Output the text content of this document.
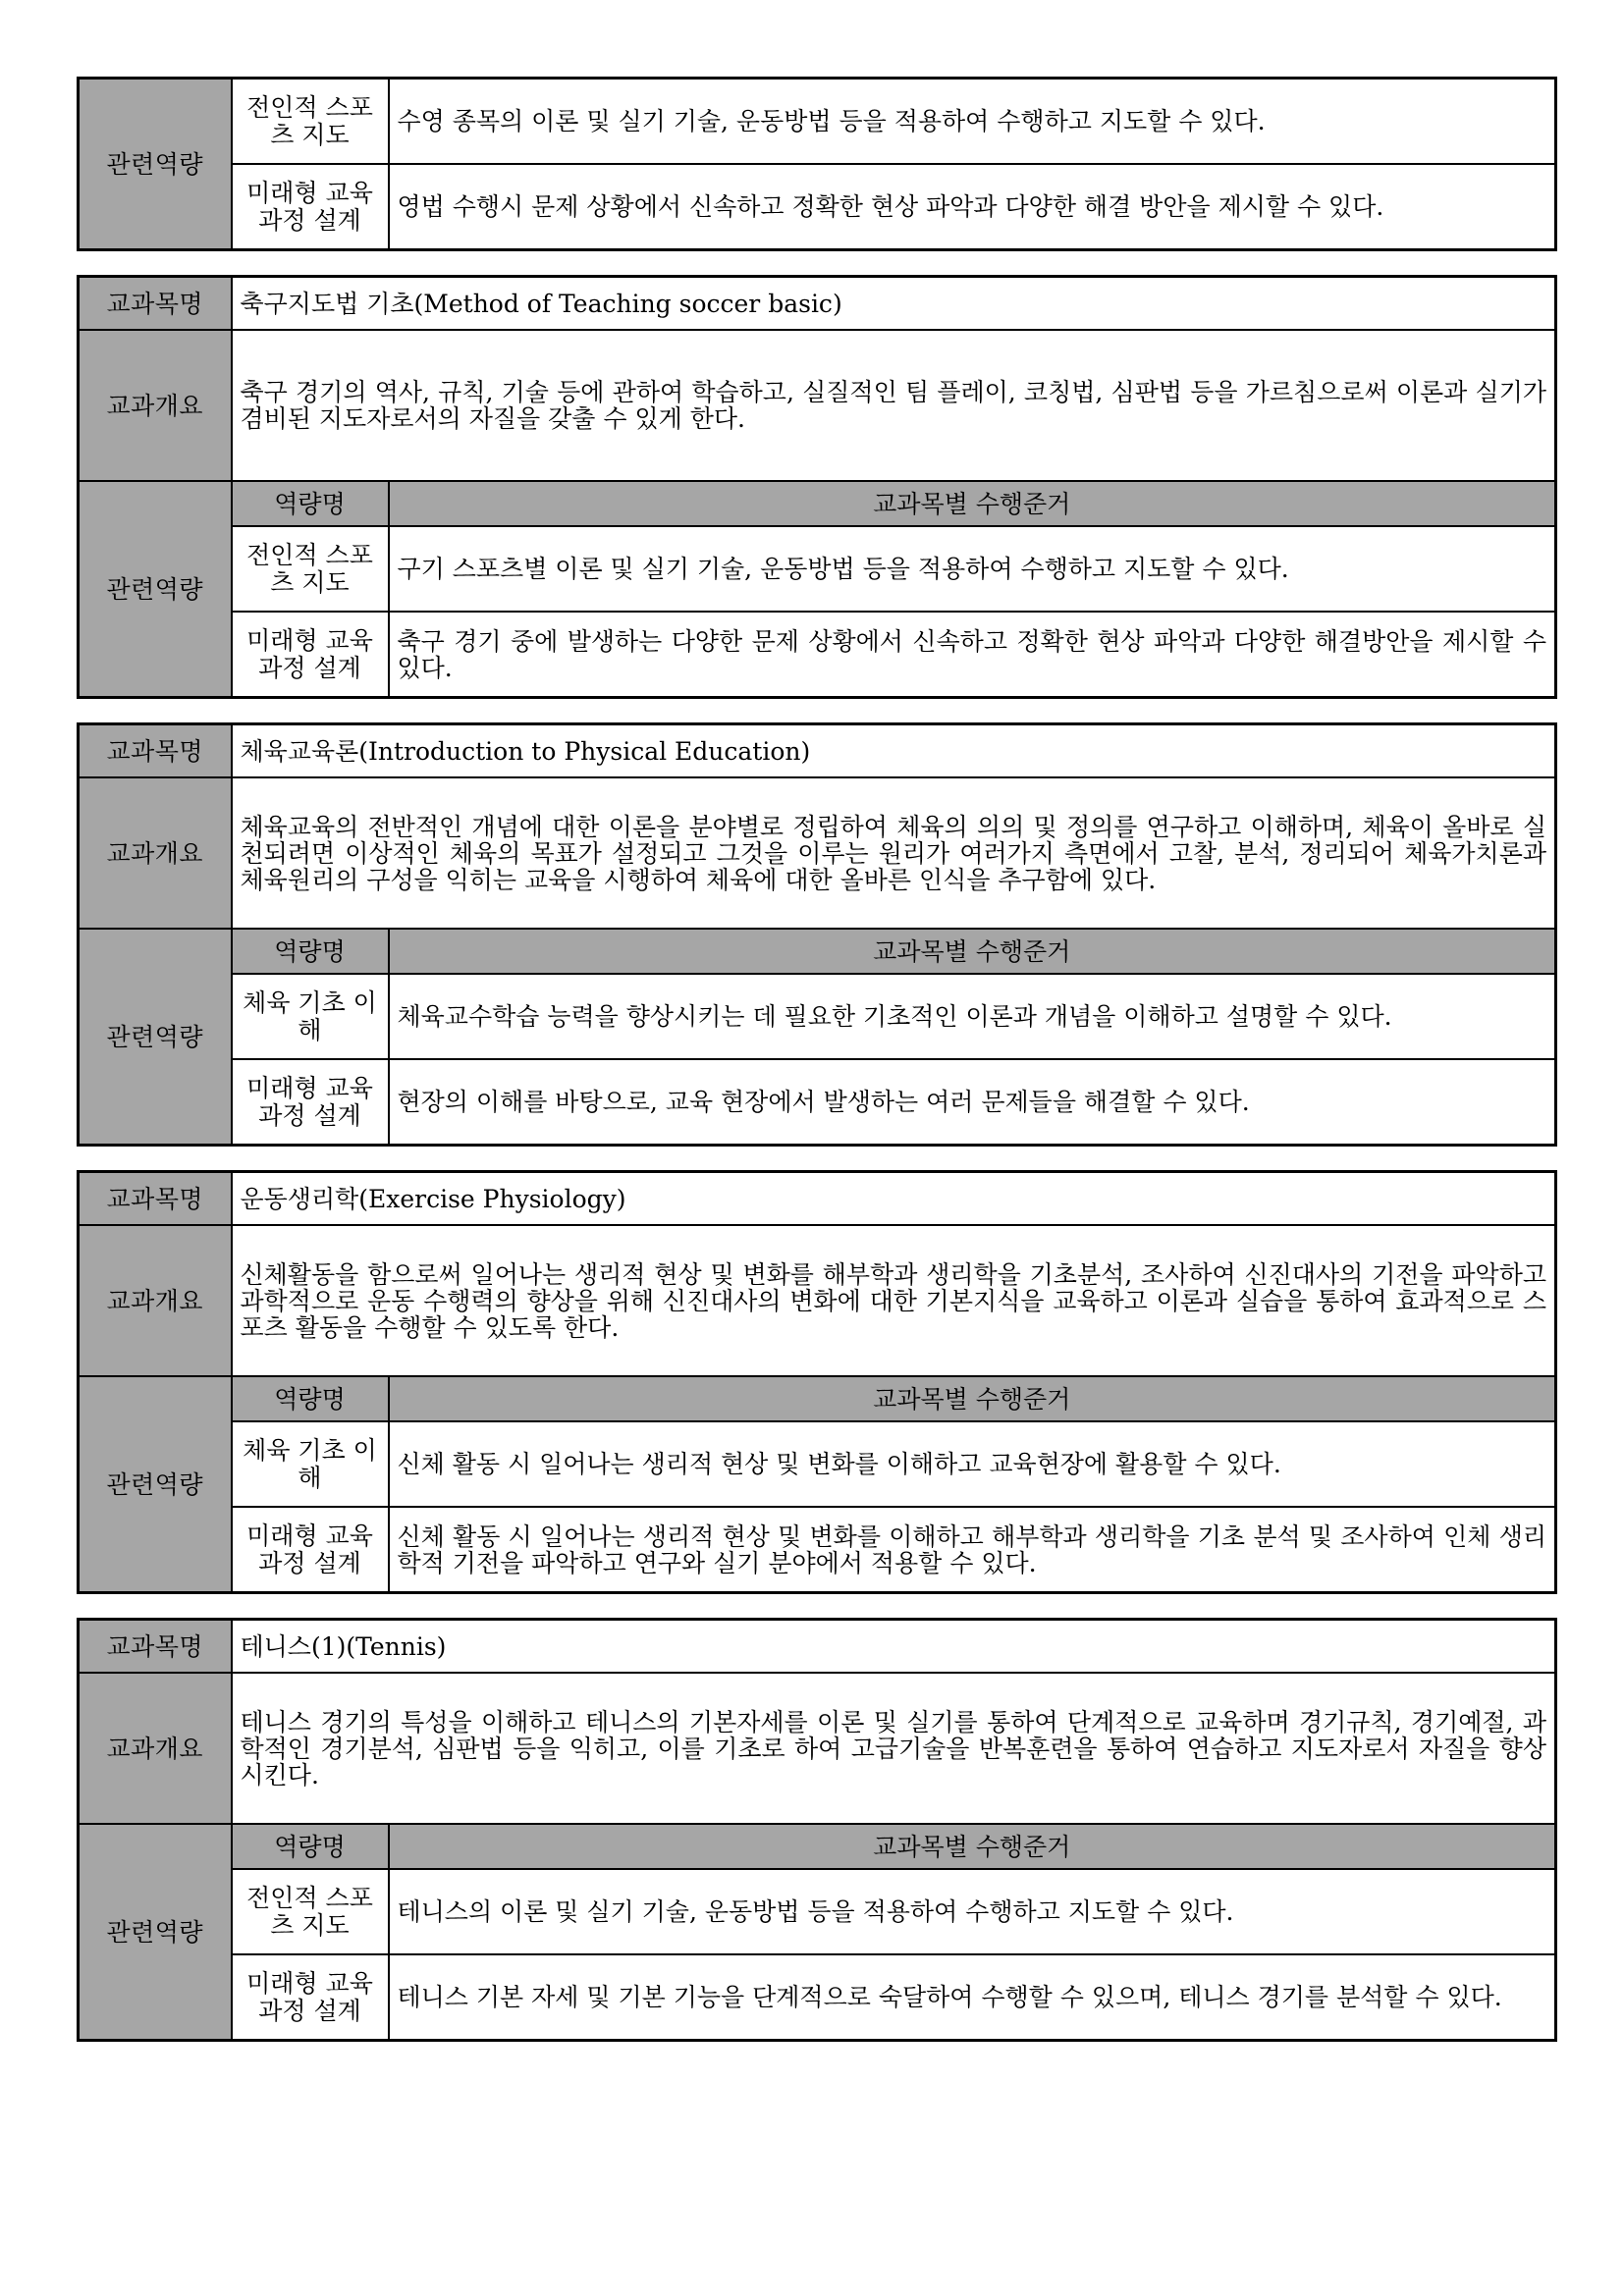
관련역량	전인적 스포츠 지도	수영 종목의 이론 및 실기 기술, 운동방법 등을 적용하여 수행하고 지도할 수 있다.
	미래형 교육과정 설계	영법 수행시 문제 상황에서 신속하고 정확한 현상 파악과 다양한 해결 방안을 제시할 수 있다.
교과목명	축구지도법 기초(Method of Teaching soccer basic)	
교과개요	축구 경기의 역사, 규칙, 기술 등에 관하여 학습하고, 실질적인 팀 플레이, 코칭법, 심판법 등을 가르침으로써 이론과 실기가 겸비된 지도자로서의 자질을 갖출 수 있게 한다.	
관련역량	역량명	교과목별 수행준거
	전인적 스포츠 지도	구기 스포츠별 이론 및 실기 기술, 운동방법 등을 적용하여 수행하고 지도할 수 있다.
	미래형 교육과정 설계	축구 경기 중에 발생하는 다양한 문제 상황에서 신속하고 정확한 현상 파악과 다양한 해결방안을 제시할 수 있다.
교과목명	체육교육론(Introduction to Physical Education)	
교과개요	체육교육의 전반적인 개념에 대한 이론을 분야별로 정립하여 체육의 의의 및 정의를 연구하고 이해하며, 체육이 올바로 실천되려면 이상적인 체육의 목표가 설정되고 그것을 이루는 원리가 여러가지 측면에서 고찰, 분석, 정리되어 체육가치론과 체육원리의 구성을 익히는 교육을 시행하여 체육에 대한 올바른 인식을 추구함에 있다.	
관련역량	역량명	교과목별 수행준거
	체육 기초 이해	체육교수학습 능력을 향상시키는 데 필요한 기초적인 이론과 개념을 이해하고 설명할 수 있다.
	미래형 교육과정 설계	현장의 이해를 바탕으로, 교육 현장에서 발생하는 여러 문제들을 해결할 수 있다.
교과목명	운동생리학(Exercise Physiology)	
교과개요	신체활동을 함으로써 일어나는 생리적 현상 및 변화를 해부학과 생리학을 기초분석, 조사하여 신진대사의 기전을 파악하고 과학적으로 운동 수행력의 향상을 위해 신진대사의 변화에 대한 기본지식을 교육하고 이론과 실습을 통하여 효과적으로 스포츠 활동을 수행할 수 있도록 한다.	
관련역량	역량명	교과목별 수행준거
	체육 기초 이해	신체 활동 시 일어나는 생리적 현상 및 변화를 이해하고 교육현장에 활용할 수 있다.
	미래형 교육과정 설계	신체 활동 시 일어나는 생리적 현상 및 변화를 이해하고 해부학과 생리학을 기초 분석 및 조사하여 인체 생리학적 기전을 파악하고 연구와 실기 분야에서 적용할 수 있다.
교과목명	테니스(1)(Tennis)	
교과개요	테니스 경기의 특성을 이해하고 테니스의 기본자세를 이론 및 실기를 통하여 단계적으로 교육하며 경기규칙, 경기예절, 과학적인 경기분석, 심판법 등을 익히고, 이를 기초로 하여 고급기술을 반복훈련을 통하여 연습하고 지도자로서 자질을 향상시킨다.	
관련역량	역량명	교과목별 수행준거
	전인적 스포츠 지도	테니스의 이론 및 실기 기술, 운동방법 등을 적용하여 수행하고 지도할 수 있다.
	미래형 교육과정 설계	테니스 기본 자세 및 기본 기능을 단계적으로 숙달하여 수행할 수 있으며, 테니스 경기를 분석할 수 있다.
